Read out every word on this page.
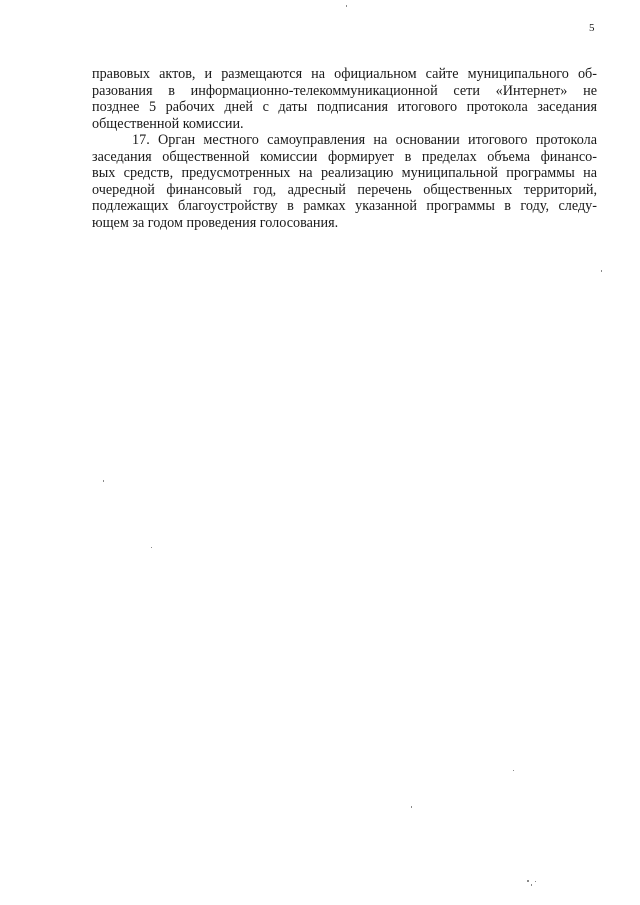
5
правовых актов, и размещаются на официальном сайте муниципального об-
разования в информационно-телекоммуникационной сети «Интернет» не
позднее 5 рабочих дней с даты подписания итогового протокола заседания
общественной комиссии.
17. Орган местного самоуправления на основании итогового протокола
заседания общественной комиссии формирует в пределах объема финансо-
вых средств, предусмотренных на реализацию муниципальной программы на
очередной финансовый год, адресный перечень общественных территорий,
подлежащих благоустройству в рамках указанной программы в году, следу-
ющем за годом проведения голосования.
